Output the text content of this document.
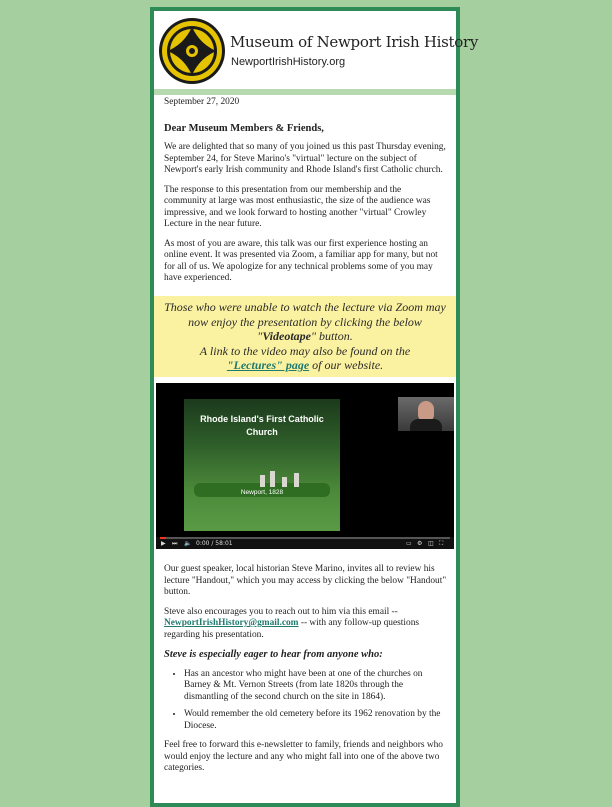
Museum of Newport Irish History
NewportIrishHistory.org

September 27, 2020

Dear Museum Members & Friends,

We are delighted that so many of you joined us this past Thursday evening, September 24, for Steve Marino's "virtual" lecture on the subject of Newport's early Irish community and Rhode Island's first Catholic church.

The response to this presentation from our membership and the community at large was most enthusiastic, the size of the audience was impressive, and we look forward to hosting another "virtual" Crowley Lecture in the near future.

As most of you are aware, this talk was our first experience hosting an online event. It was presented via Zoom, a familiar app for many, but not for all of us. We apologize for any technical problems some of you may have experienced.

Those who were unable to watch the lecture via Zoom may now enjoy the presentation by clicking the below "Videotape" button.
A link to the video may also be found on the
"Lectures" page of our website.
Rhode Island's First Catholic
Church
Newport, 1828
▶ ⏭ 🔈 0:00 / 58:01	▭ ⚙ ◫ ⛶

Our guest speaker, local historian Steve Marino, invites all to review his lecture "Handout," which you may access by clicking the below "Handout" button.

Steve also encourages you to reach out to him via this email -- NewportIrishHistory@gmail.com -- with any follow-up questions regarding his presentation.

Steve is especially eager to hear from anyone who:

• Has an ancestor who might have been at one of the churches on Barney & Mt. Vernon Streets (from late 1820s through the dismantling of the second church on the site in 1864).
• Would remember the old cemetery before its 1962 renovation by the Diocese.

Feel free to forward this e-newsletter to family, friends and neighbors who would enjoy the lecture and any who might fall into one of the above two categories.
